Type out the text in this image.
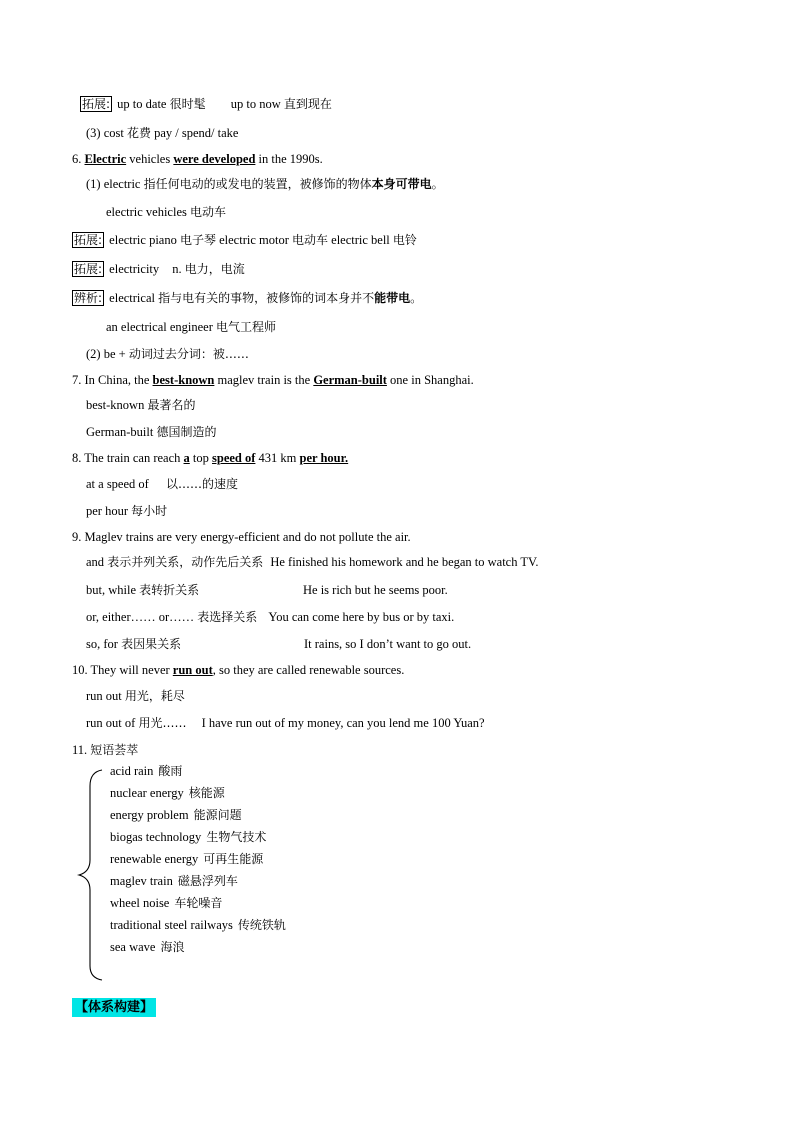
拓展: up to date 很时髦 up to now 直到现在
(3) cost 花费 pay / spend/ take
6. Electric vehicles were developed in the 1990s.
(1) electric 指任何电动的或发电的装置，被修饰的物体本身可带电。
electric vehicles 电动车
拓展: electric piano 电子琴 electric motor 电动车 electric bell 电铃
拓展: electricity n. 电力，电流
辨析: electrical 指与电有关的事物，被修饰的词本身并不能带电。
an electrical engineer 电气工程师
(2) be + 动词过去分词：被……
7. In China, the best-known maglev train is the German-built one in Shanghai.
best-known 最著名的
German-built 德国制造的
8. The train can reach a top speed of 431 km per hour.
at a speed of 以……的速度
per hour 每小时
9. Maglev trains are very energy-efficient and do not pollute the air.
and 表示并列关系，动作先后关系 He finished his homework and he began to watch TV.
but, while 表转折关系	He is rich but he seems poor.
or, either…… or…… 表选择关系 You can come here by bus or by taxi.
so, for 表因果关系	It rains, so I don’t want to go out.
10. They will never run out, so they are called renewable sources.
run out 用光，耗尽
run out of 用光…… I have run out of my money, can you lend me 100 Yuan?
11. 短语荟萃
acid rain 酸雨
nuclear energy 核能源
energy problem 能源问题
biogas technology 生物气技术
renewable energy 可再生能源
maglev train 磁悬浮列车
wheel noise 车轮噪音
traditional steel railways 传统铁轨
sea wave 海浪
【体系构建】
